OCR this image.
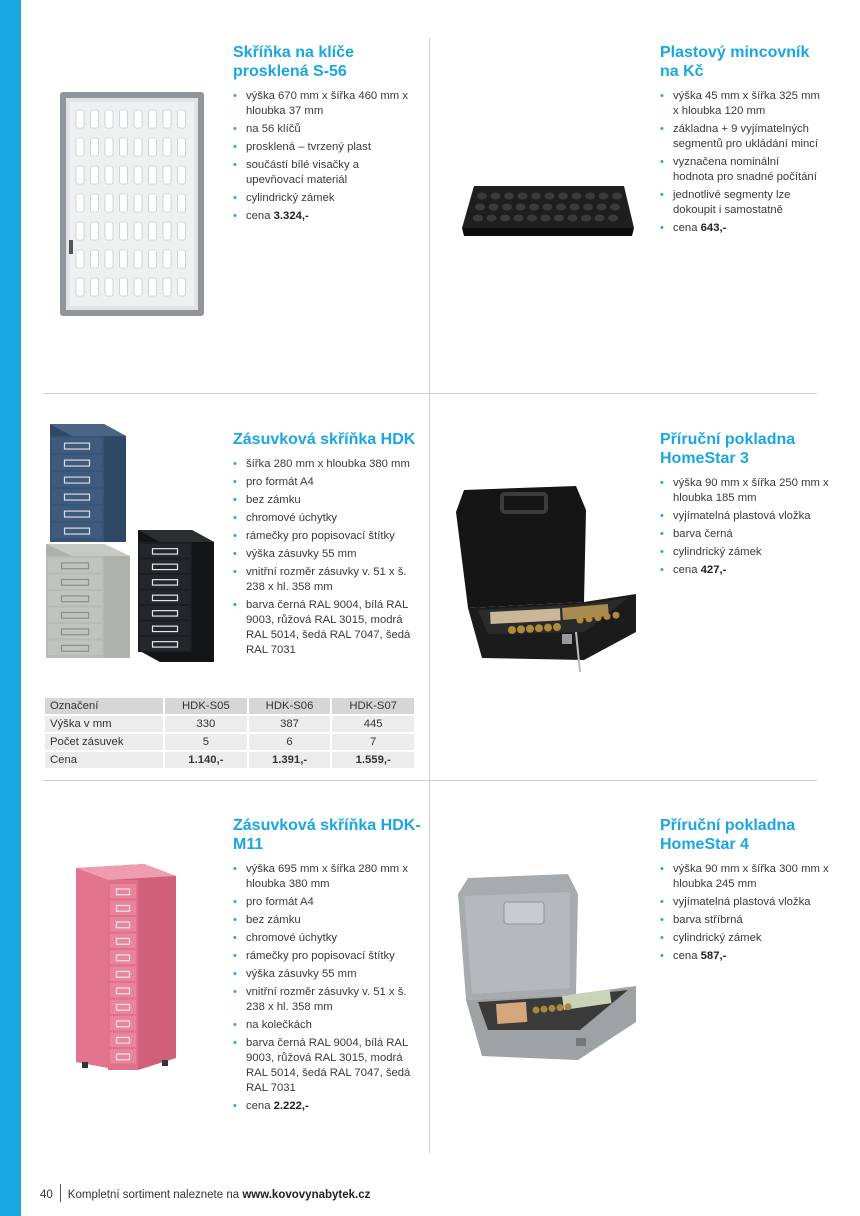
Skříňka na klíče prosklená S-56
• výška 670 mm x šířka 460 mm x hloubka 37 mm
• na 56 klíčů
• prosklená – tvrzený plast
• součástí bílé visačky a upevňovací materiál
• cylindrický zámek
• cena 3.324,-
Plastový mincovník na Kč
• výška 45 mm x šířka 325 mm x hloubka 120 mm
• základna + 9 vyjímatelných segmentů pro ukládání mincí
• vyznačena nominální hodnota pro snadné počítání
• jednotlivé segmenty lze dokoupit i samostatně
• cena 643,-
Zásuvková skříňka HDK
• šířka 280 mm x hloubka 380 mm
• pro formát A4
• bez zámku
• chromové úchytky
• rámečky pro popisovací štítky
• výška zásuvky 55 mm
• vnitřní rozměr zásuvky v. 51 x š. 238 x hl. 358 mm
• barva černá RAL 9004, bílá RAL 9003, růžová RAL 3015, modrá RAL 5014, šedá RAL 7047, šedá RAL 7031
Označení	HDK-S05	HDK-S06	HDK-S07
Výška v mm	330	387	445
Počet zásuvek	5	6	7
Cena	1.140,-	1.391,-	1.559,-
Příruční pokladna HomeStar 3
• výška 90 mm x šířka 250 mm x hloubka 185 mm
• vyjímatelná plastová vložka
• barva černá
• cylindrický zámek
• cena 427,-
Zásuvková skříňka HDK-M11
• výška 695 mm x šířka 280 mm x hloubka 380 mm
• pro formát A4
• bez zámku
• chromové úchytky
• rámečky pro popisovací štítky
• výška zásuvky 55 mm
• vnitřní rozměr zásuvky v. 51 x š. 238 x hl. 358 mm
• na kolečkách
• barva černá RAL 9004, bílá RAL 9003, růžová RAL 3015, modrá RAL 5014, šedá RAL 7047, šedá RAL 7031
• cena 2.222,-
Příruční pokladna HomeStar 4
• výška 90 mm x šířka 300 mm x hloubka 245 mm
• vyjímatelná plastová vložka
• barva stříbrná
• cylindrický zámek
• cena 587,-
40 Kompletní sortiment naleznete na www.kovovynabytek.cz
